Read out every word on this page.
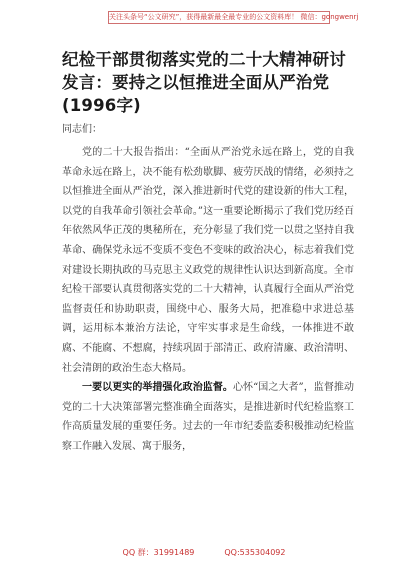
关注头条号“公文研究”，获得最新最全最专业的公文资料库！ 微信：gongwenrj
纪检干部贯彻落实党的二十大精神研讨发言：要持之以恒推进全面从严治党(1996字)
同志们：

党的二十大报告指出：“全面从严治党永远在路上，党的自我革命永远在路上，决不能有松劲歇脚、疲劳厌战的情绪，必须持之以恒推进全面从严治党，深入推进新时代党的建设新的伟大工程，以党的自我革命引领社会革命。”这一重要论断揭示了我们党历经百年依然风华正茂的奥秘所在，充分彰显了我们党一以贯之坚持自我革命、确保党永远不变质不变色不变味的政治决心，标志着我们党对建设长期执政的马克思主义政党的规律性认识达到新高度。全市纪检干部要认真贯彻落实党的二十大精神，认真履行全面从严治党监督责任和协助职责，围绕中心、服务大局，把准稳中求进总基调，运用标本兼治方法论，守牢实事求是生命线，一体推进不敢腐、不能腐、不想腐，持续巩固于部清正、政府清廉、政治清明、社会清朗的政治生态大格局。

一要以更实的举措强化政治监督。心怀“国之大者”，监督推动党的二十大决策部署完整准确全面落实，是推进新时代纪检监察工作高质量发展的重要任务。过去的一年市纪委监委积极推动纪检监察工作融入发展、寓于服务，

QQ 群：31991489	QQ:535304092
